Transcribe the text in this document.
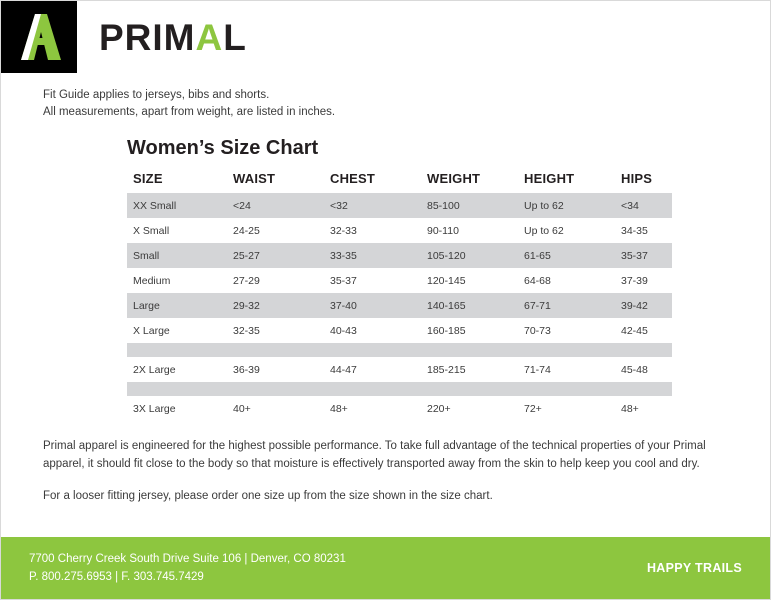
PRIMAL
Fit Guide applies to jerseys, bibs and shorts.
All measurements, apart from weight, are listed in inches.
Women’s Size Chart
SIZE	WAIST	CHEST	WEIGHT	HEIGHT	HIPS
XX Small	<24	<32	85-100	Up to 62	<34
X Small	24-25	32-33	90-110	Up to 62	34-35
Small	25-27	33-35	105-120	61-65	35-37
Medium	27-29	35-37	120-145	64-68	37-39
Large	29-32	37-40	140-165	67-71	39-42
X Large	32-35	40-43	160-185	70-73	42-45

2X Large	36-39	44-47	185-215	71-74	45-48

3X Large	40+	48+	220+	72+	48+

Primal apparel is engineered for the highest possible performance. To take full advantage of the technical properties of your Primal apparel, it should fit close to the body so that moisture is effectively transported away from the skin to help keep you cool and dry.

For a looser fitting jersey, please order one size up from the size shown in the size chart.

7700 Cherry Creek South Drive Suite 106 | Denver, CO 80231
P. 800.275.6953 | F. 303.745.7429
HAPPY TRAILS
